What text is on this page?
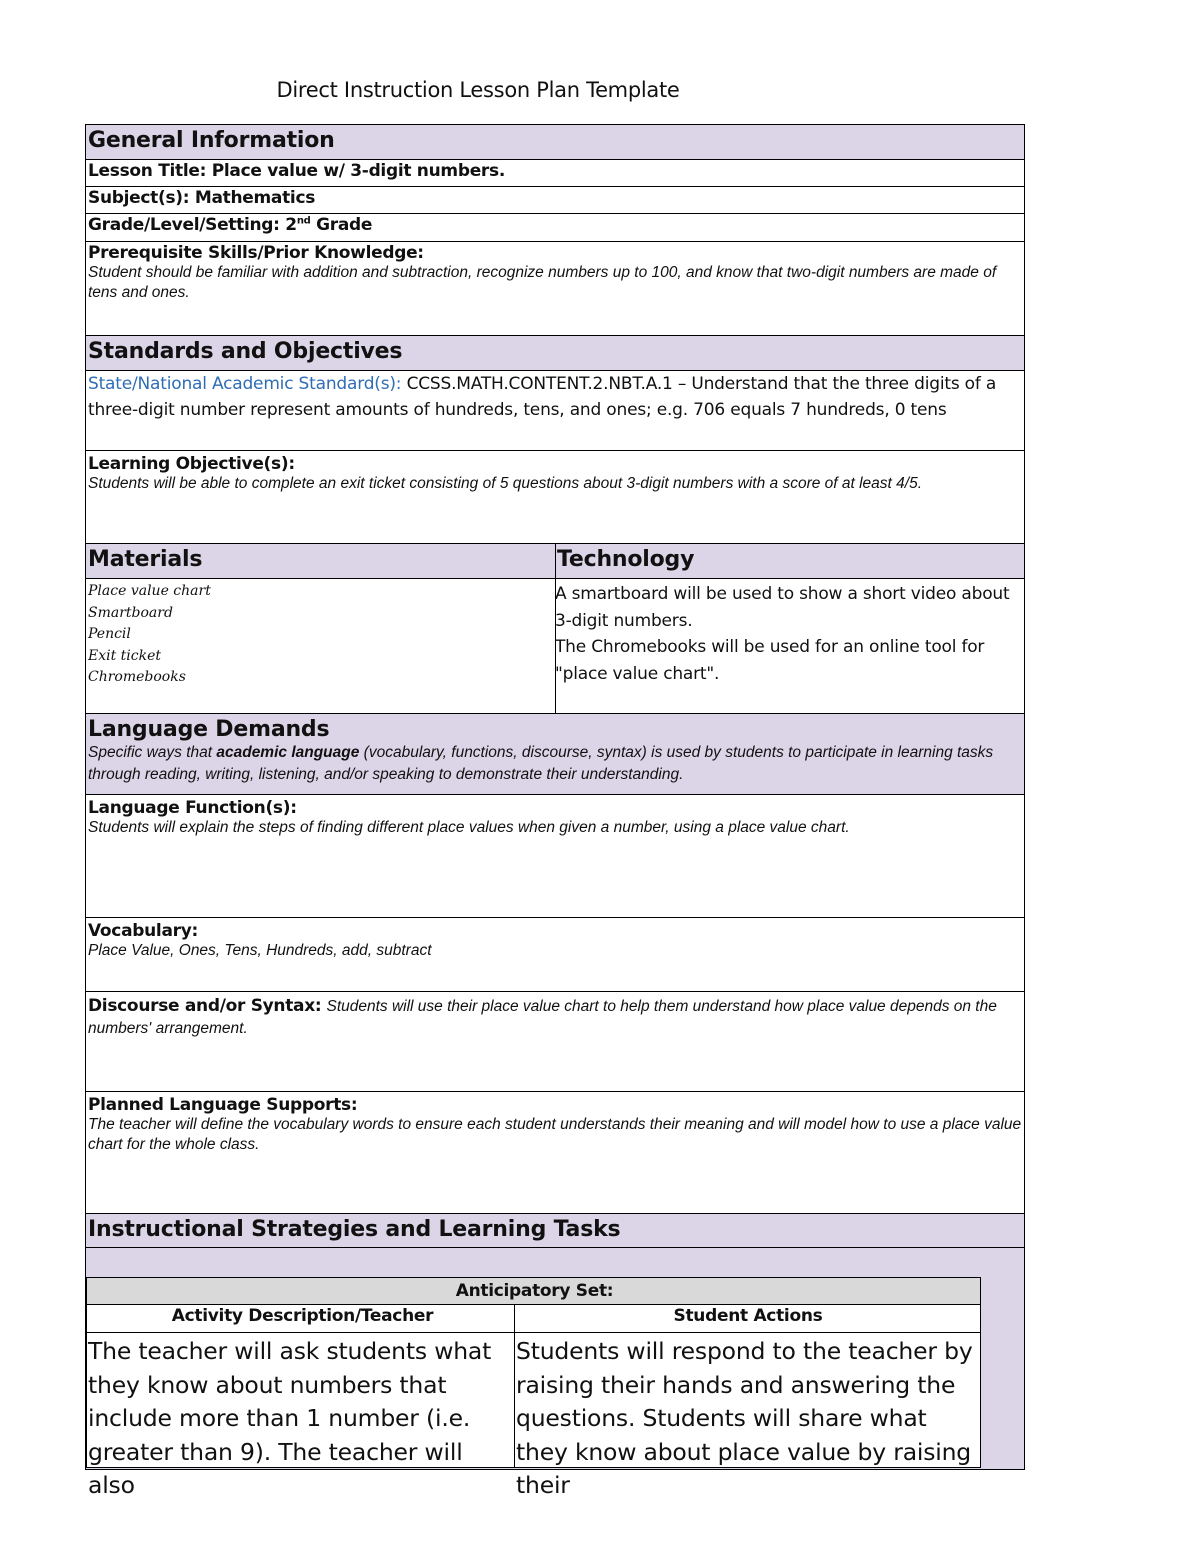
Direct Instruction Lesson Plan Template
General Information
Lesson Title: Place value w/ 3-digit numbers.
Subject(s): Mathematics
Grade/Level/Setting: 2nd Grade
Prerequisite Skills/Prior Knowledge:
Student should be familiar with addition and subtraction, recognize numbers up to 100, and know that two-digit numbers are made of tens and ones.
Standards and Objectives
State/National Academic Standard(s): CCSS.MATH.CONTENT.2.NBT.A.1 – Understand that the three digits of a three-digit number represent amounts of hundreds, tens, and ones; e.g. 706 equals 7 hundreds, 0 tens
Learning Objective(s):
Students will be able to complete an exit ticket consisting of 5 questions about 3-digit numbers with a score of at least 4/5.
Materials	Technology
Place value chart
Smartboard
Pencil
Exit ticket
Chromebooks
A smartboard will be used to show a short video about 3-digit numbers.
The Chromebooks will be used for an online tool for "place value chart".
Language Demands
Specific ways that academic language (vocabulary, functions, discourse, syntax) is used by students to participate in learning tasks through reading, writing, listening, and/or speaking to demonstrate their understanding.
Language Function(s):
Students will explain the steps of finding different place values when given a number, using a place value chart.
Vocabulary:
Place Value, Ones, Tens, Hundreds, add, subtract
Discourse and/or Syntax: Students will use their place value chart to help them understand how place value depends on the numbers' arrangement.
Planned Language Supports:
The teacher will define the vocabulary words to ensure each student understands their meaning and will model how to use a place value chart for the whole class.
Instructional Strategies and Learning Tasks
Anticipatory Set:
Activity Description/Teacher	Student Actions
The teacher will ask students what they know about numbers that include more than 1 number (i.e. greater than 9). The teacher will also
Students will respond to the teacher by raising their hands and answering the questions. Students will share what they know about place value by raising their
